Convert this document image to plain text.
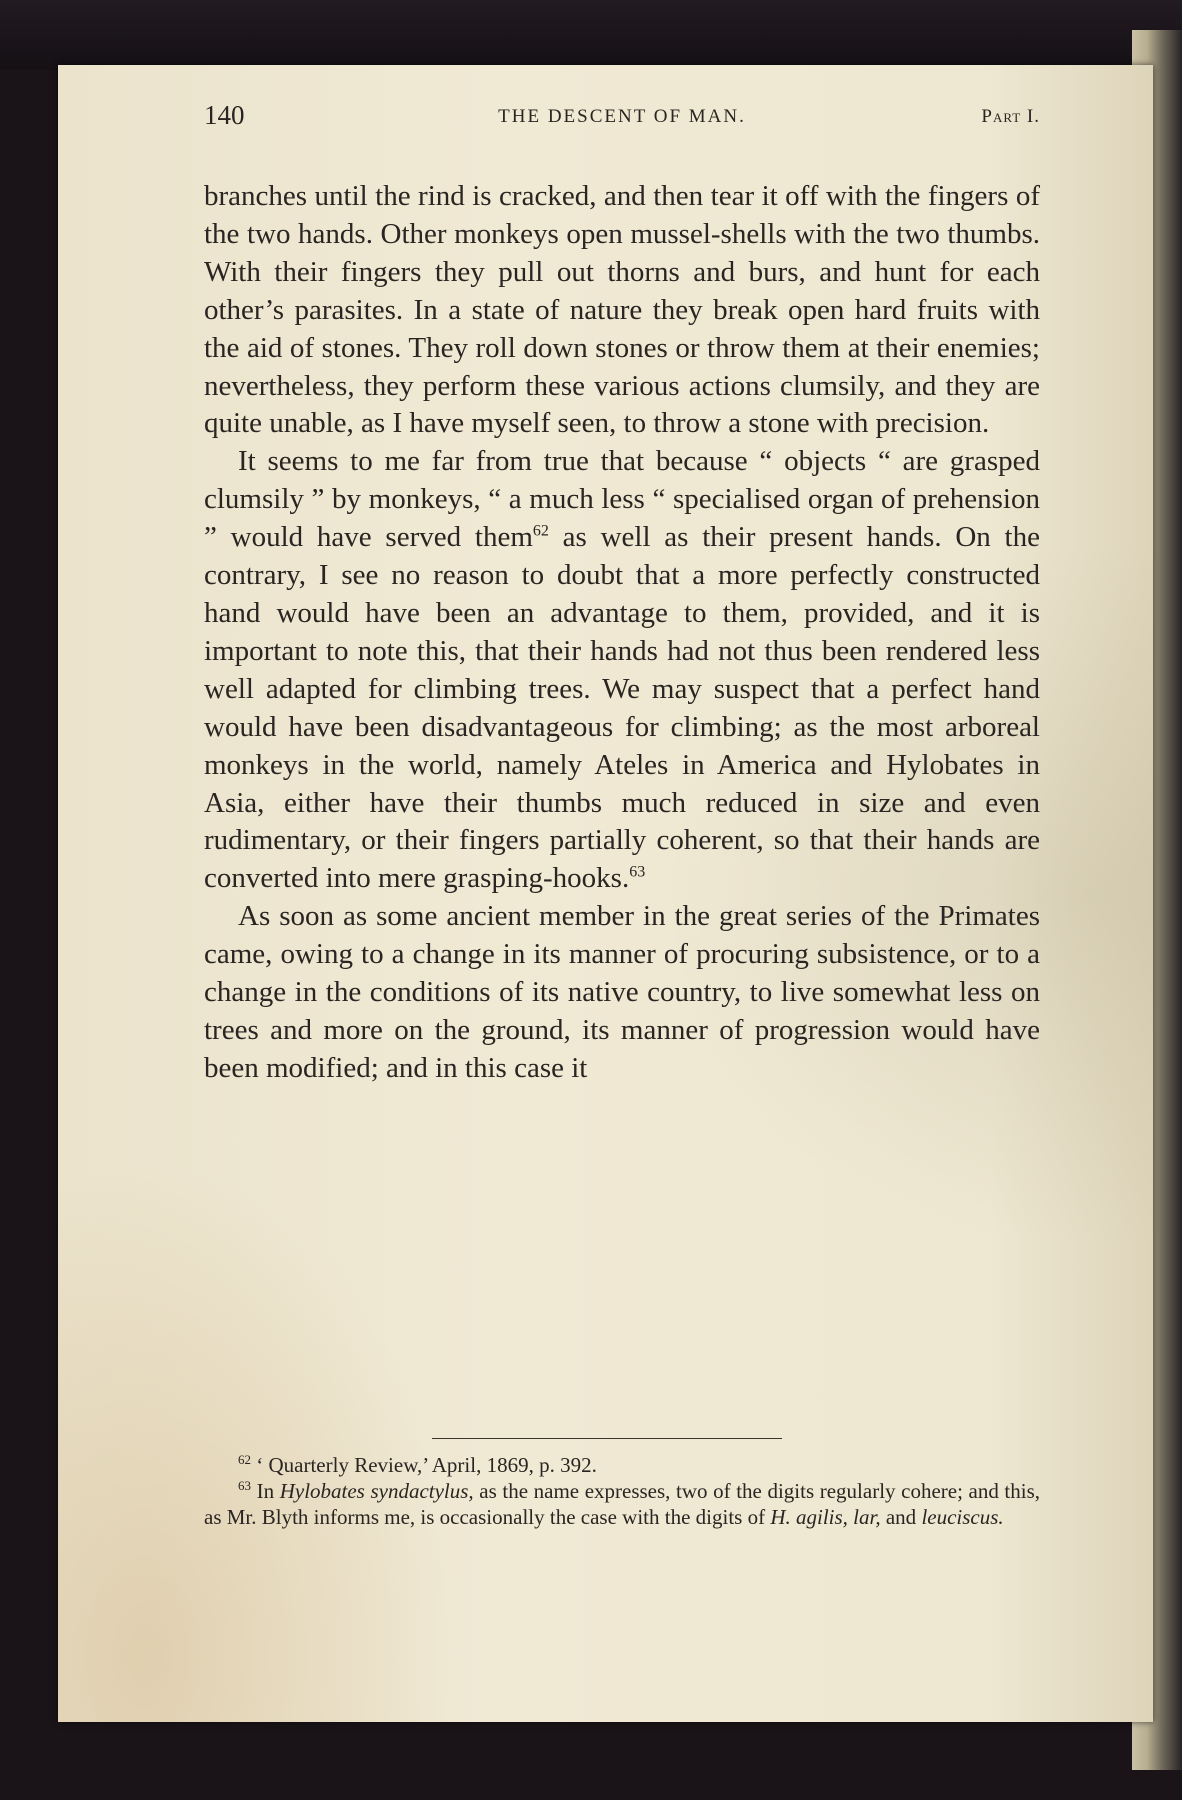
140	THE DESCENT OF MAN.	Part I.

branches until the rind is cracked, and then tear it off with the fingers of the two hands. Other monkeys open mussel-shells with the two thumbs. With their fingers they pull out thorns and burs, and hunt for each other’s parasites. In a state of nature they break open hard fruits with the aid of stones. They roll down stones or throw them at their enemies; nevertheless, they perform these various actions clumsily, and they are quite unable, as I have myself seen, to throw a stone with precision.

It seems to me far from true that because “ objects “ are grasped clumsily ” by monkeys, “ a much less “ specialised organ of prehension ” would have served them$^{62}$ as well as their present hands. On the contrary, I see no reason to doubt that a more perfectly constructed hand would have been an advantage to them, provided, and it is important to note this, that their hands had not thus been rendered less well adapted for climbing trees. We may suspect that a perfect hand would have been disadvantageous for climbing; as the most arboreal monkeys in the world, namely Ateles in America and Hylobates in Asia, either have their thumbs much reduced in size and even rudimentary, or their fingers partially coherent, so that their hands are converted into mere grasping-hooks.$^{63}$

As soon as some ancient member in the great series of the Primates came, owing to a change in its manner of procuring subsistence, or to a change in the conditions of its native country, to live somewhat less on trees and more on the ground, its manner of progression would have been modified; and in this case it

$^{62}$ ‘ Quarterly Review,’ April, 1869, p. 392.

$^{63}$ In Hylobates syndactylus, as the name expresses, two of the digits regularly cohere; and this, as Mr. Blyth informs me, is occasionally the case with the digits of H. agilis, lar, and leuciscus.
